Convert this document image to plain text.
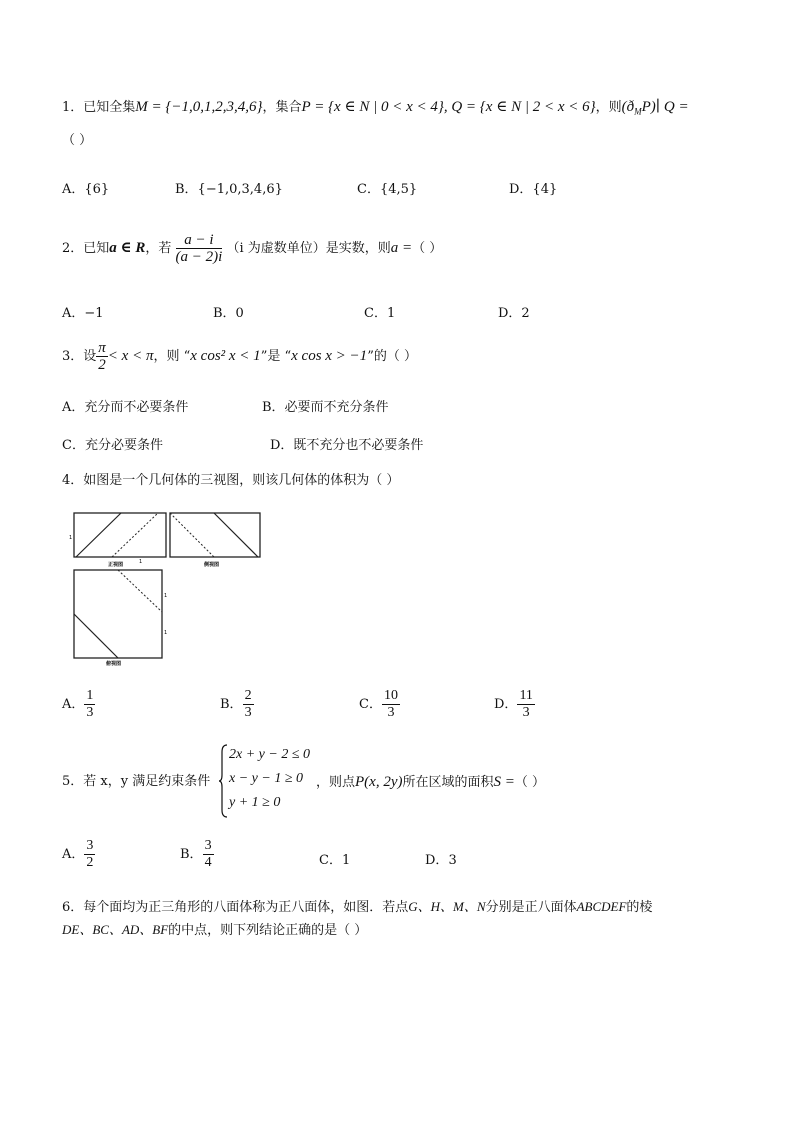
1．已知全集M = {−1,0,1,2,3,4,6}，集合P = {x ∈ N | 0 < x < 4}, Q = {x ∈ N | 2 < x < 6}，则$(ð_MP)∣$ Q =
（ ）
A．{6}	B．{−1,0,3,4,6}	C．{4,5}	D．{4}
2．已知a ∈ R，若 $\frac{a - i}{(a - 2)i} (i$ 为虚数单位）是实数，则a =（ ）
A．−1	B．0	C．1	D．2
3．设 $\frac{\pi}{2} < x < \pi$，则 “x cos² x < 1”是 “x cos x > −1”的（ ）
A．充分而不必要条件	B．必要而不充分条件
C．充分必要条件	D．既不充分也不必要条件
4．如图是一个几何体的三视图，则该几何体的体积为（ ）
1
1
正视图	侧视图
1
1
俯视图
A． $\frac{1}{3}$	B． $\frac{2}{3}$	C． $\frac{10}{3}$	D． $\frac{11}{3}$
5．若 x，y 满足约束条件
2x + y − 2 ≤ 0
x − y − 1 ≥ 0
y + 1 ≥ 0
，则点P(x, 2y)所在区域的面积S =（ ）
A． $\frac{3}{2}$	B． $\frac{3}{4}$	C．1	D．3
6．每个面均为正三角形的八面体称为正八面体，如图．若点G、H、M、N分别是正八面体ABCDEF的棱
DE、BC、AD、BF的中点，则下列结论正确的是（ ）
